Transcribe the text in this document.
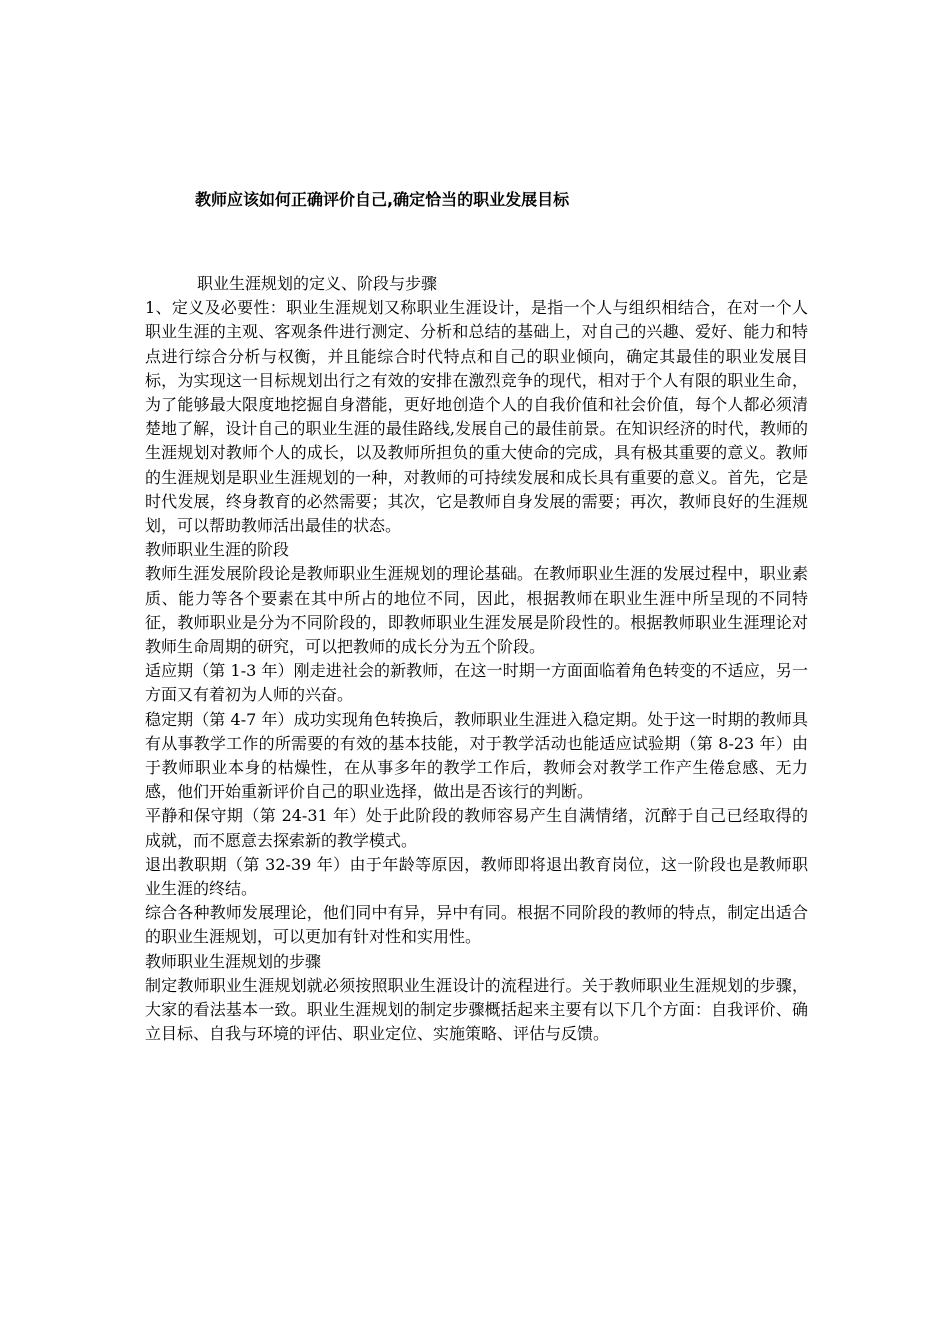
教师应该如何正确评价自己,确定恰当的职业发展目标

职业生涯规划的定义、阶段与步骤

1、定义及必要性：职业生涯规划又称职业生涯设计，是指一个人与组织相结合，在对一个人职业生涯的主观、客观条件进行测定、分析和总结的基础上，对自己的兴趣、爱好、能力和特点进行综合分析与权衡，并且能综合时代特点和自己的职业倾向，确定其最佳的职业发展目标，为实现这一目标规划出行之有效的安排在激烈竞争的现代，相对于个人有限的职业生命，为了能够最大限度地挖掘自身潜能，更好地创造个人的自我价值和社会价值，每个人都必须清楚地了解，设计自己的职业生涯的最佳路线,发展自己的最佳前景。在知识经济的时代，教师的生涯规划对教师个人的成长，以及教师所担负的重大使命的完成，具有极其重要的意义。教师的生涯规划是职业生涯规划的一种，对教师的可持续发展和成长具有重要的意义。首先，它是时代发展，终身教育的必然需要；其次，它是教师自身发展的需要；再次，教师良好的生涯规划，可以帮助教师活出最佳的状态。

教师职业生涯的阶段

教师生涯发展阶段论是教师职业生涯规划的理论基础。在教师职业生涯的发展过程中，职业素质、能力等各个要素在其中所占的地位不同，因此，根据教师在职业生涯中所呈现的不同特征，教师职业是分为不同阶段的，即教师职业生涯发展是阶段性的。根据教师职业生涯理论对教师生命周期的研究，可以把教师的成长分为五个阶段。

适应期（第 1-3 年）刚走进社会的新教师，在这一时期一方面面临着角色转变的不适应，另一方面又有着初为人师的兴奋。

稳定期（第 4-7 年）成功实现角色转换后，教师职业生涯进入稳定期。处于这一时期的教师具有从事教学工作的所需要的有效的基本技能，对于教学活动也能适应试验期（第 8-23 年）由于教师职业本身的枯燥性，在从事多年的教学工作后，教师会对教学工作产生倦怠感、无力感，他们开始重新评价自己的职业选择，做出是否该行的判断。

平静和保守期（第 24-31 年）处于此阶段的教师容易产生自满情绪，沉醉于自己已经取得的成就，而不愿意去探索新的教学模式。

退出教职期（第 32-39 年）由于年龄等原因，教师即将退出教育岗位，这一阶段也是教师职业生涯的终结。

综合各种教师发展理论，他们同中有异，异中有同。根据不同阶段的教师的特点，制定出适合的职业生涯规划，可以更加有针对性和实用性。

教师职业生涯规划的步骤

制定教师职业生涯规划就必须按照职业生涯设计的流程进行。关于教师职业生涯规划的步骤，大家的看法基本一致。职业生涯规划的制定步骤概括起来主要有以下几个方面：自我评价、确立目标、自我与环境的评估、职业定位、实施策略、评估与反馈。
